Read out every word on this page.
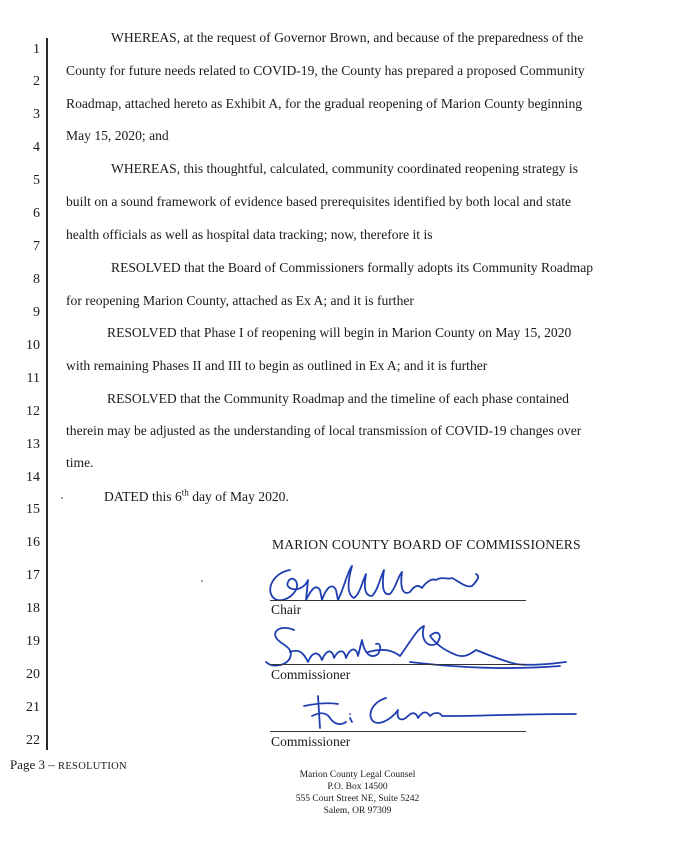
1
2
3
4
5
6
7
8
9
10
11
12
13
14
15
16
17
18
19
20
21
22
WHEREAS, at the request of Governor Brown, and because of the preparedness of the
County for future needs related to COVID-19, the County has prepared a proposed Community
Roadmap, attached hereto as Exhibit A, for the gradual reopening of Marion County beginning
May 15, 2020; and
WHEREAS, this thoughtful, calculated, community coordinated reopening strategy is
built on a sound framework of evidence based prerequisites identified by both local and state
health officials as well as hospital data tracking; now, therefore it is
RESOLVED that the Board of Commissioners formally adopts its Community Roadmap
for reopening Marion County, attached as Ex A; and it is further
RESOLVED that Phase I of reopening will begin in Marion County on May 15, 2020
with remaining Phases II and III to begin as outlined in Ex A; and it is further
RESOLVED that the Community Roadmap and the timeline of each phase contained
therein may be adjusted as the understanding of local transmission of COVID-19 changes over
time.
DATED this 6th day of May 2020.
MARION COUNTY BOARD OF COMMISSIONERS
Chair
Commissioner
Commissioner
Page 3 – RESOLUTION
Marion County Legal Counsel
P.O. Box 14500
555 Court Street NE, Suite 5242
Salem, OR 97309
